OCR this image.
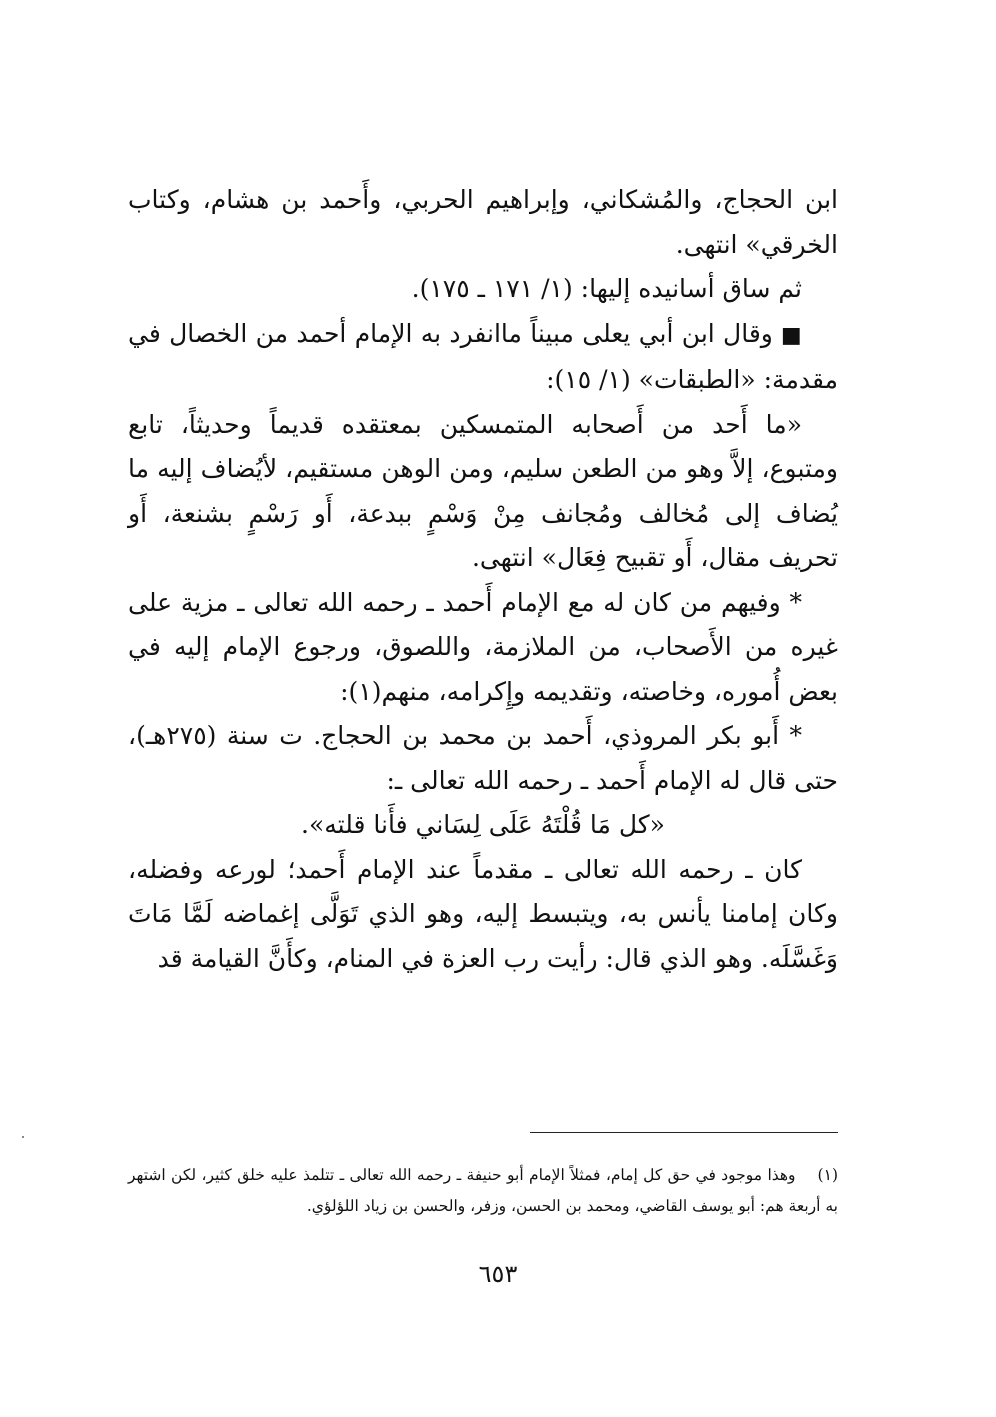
ابن الحجاج، والمُشكاني، وإبراهيم الحربي، وأَحمد بن هشام، وكتاب الخرقي» انتهى.

ثم ساق أسانيده إليها: (١/ ١٧١ ـ ١٧٥).

■ وقال ابن أبي يعلى مبيناً ماانفرد به الإمام أحمد من الخصال في مقدمة: «الطبقات» (١/ ١٥):

«ما أَحد من أَصحابه المتمسكين بمعتقده قديماً وحديثاً، تابع ومتبوع، إلاَّ وهو من الطعن سليم، ومن الوهن مستقيم، لأيُضاف إليه ما يُضاف إلى مُخالف ومُجانف مِنْ وَسْمٍ ببدعة، أَو رَسْمٍ بشنعة، أَو تحريف مقال، أَو تقبيح فِعَال» انتهى.

* وفيهم من كان له مع الإمام أَحمد ـ رحمه الله تعالى ـ مزية على غيره من الأَصحاب، من الملازمة، واللصوق، ورجوع الإمام إليه في بعض أُموره، وخاصته، وتقديمه وإِكرامه، منهم(١):

* أَبو بكر المروذي، أَحمد بن محمد بن الحجاج. ت سنة (٢٧٥هـ)، حتى قال له الإمام أَحمد ـ رحمه الله تعالى ـ:

«كل مَا قُلْتَهُ عَلَى لِسَاني فأَنا قلته».

كان ـ رحمه الله تعالى ـ مقدماً عند الإمام أَحمد؛ لورعه وفضله، وكان إمامنا يأنس به، ويتبسط إليه، وهو الذي تَوَلَّى إغماضه لَمَّا مَاتَ وَغَسَّلَه. وهو الذي قال: رأيت رب العزة في المنام، وكأَنَّ القيامة قد

(١)وهذا موجود في حق كل إمام، فمثلاً الإمام أبو حنيفة ـ رحمه الله تعالى ـ تتلمذ عليه خلق كثير، لكن اشتهر به أربعة هم: أبو يوسف القاضي، ومحمد بن الحسن، وزفر، والحسن بن زياد اللؤلؤي.

٦٥٣
